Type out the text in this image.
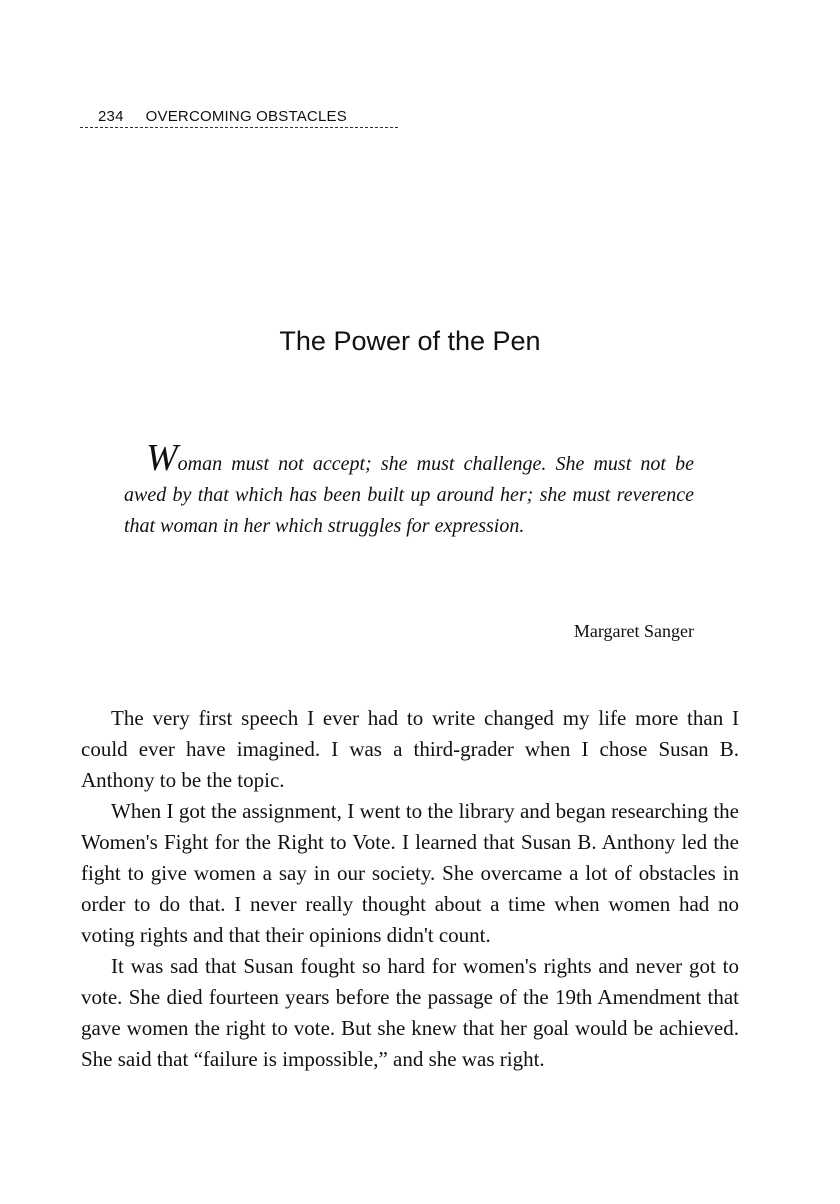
234 OVERCOMING OBSTACLES
The Power of the Pen
Woman must not accept; she must challenge. She must not be awed by that which has been built up around her; she must reverence that woman in her which struggles for expression.
Margaret Sanger

The very first speech I ever had to write changed my life more than I could ever have imagined. I was a third-grader when I chose Susan B. Anthony to be the topic.

When I got the assignment, I went to the library and began researching the Women's Fight for the Right to Vote. I learned that Susan B. Anthony led the fight to give women a say in our society. She overcame a lot of obstacles in order to do that. I never really thought about a time when women had no voting rights and that their opinions didn't count.

It was sad that Susan fought so hard for women's rights and never got to vote. She died fourteen years before the passage of the 19th Amendment that gave women the right to vote. But she knew that her goal would be achieved. She said that “failure is impossible,” and she was right.
